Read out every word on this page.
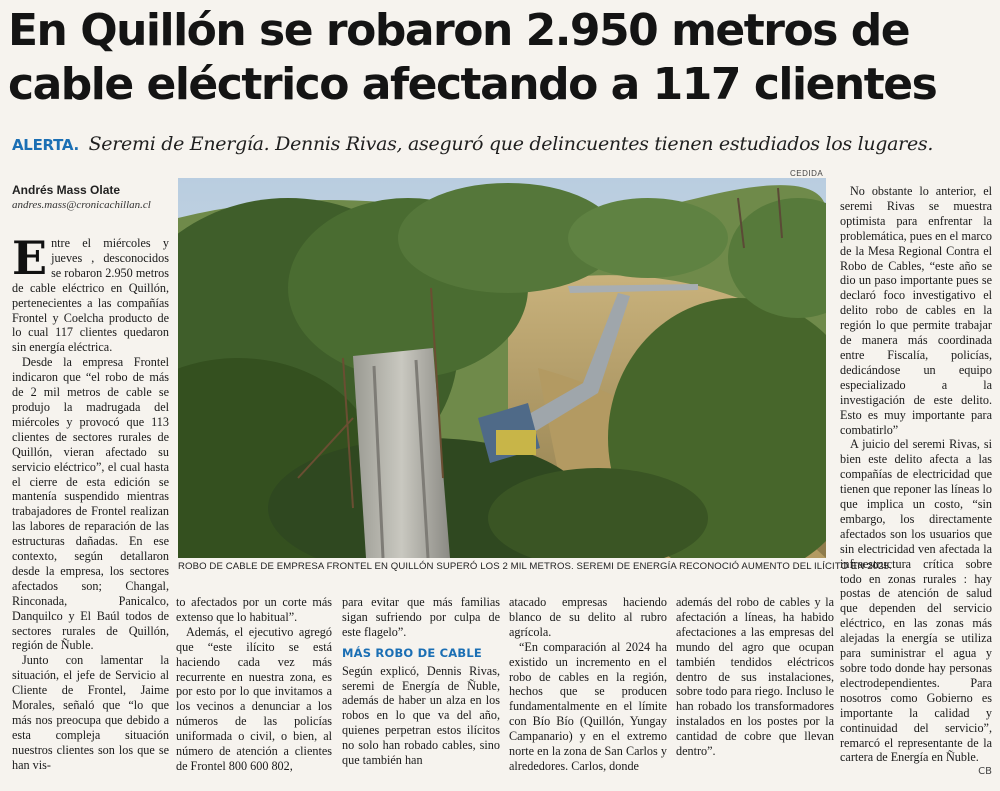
En Quillón se robaron 2.950 metros de
cable eléctrico afectando a 117 clientes
ALERTA. Seremi de Energía. Dennis Rivas, aseguró que delincuentes tienen estudiados los lugares.
Andrés Mass Olate
andres.mass@cronicachillan.cl

Entre el miércoles y jueves , desconocidos se robaron 2.950 metros de cable eléctrico en Quillón, pertenecientes a las compañías Frontel y Coelcha producto de lo cual 117 clientes quedaron sin energía eléctrica.

Desde la empresa Frontel indicaron que “el robo de más de 2 mil metros de cable se produjo la madrugada del miércoles y provocó que 113 clientes de sectores rurales de Quillón, vieran afectado su servicio eléctrico”, el cual hasta el cierre de esta edición se mantenía suspendido mientras trabajadores de Frontel realizan las labores de reparación de las estructuras dañadas. En ese contexto, según detallaron desde la empresa, los sectores afectados son; Changal, Rinconada, Panicalco, Danquilco y El Baúl todos de sectores rurales de Quillón, región de Ñuble.

Junto con lamentar la situación, el jefe de Servicio al Cliente de Frontel, Jaime Morales, señaló que “lo que más nos preocupa que debido a esta compleja situación nuestros clientes son los que se han vis-

CEDIDA
ROBO DE CABLE DE EMPRESA FRONTEL EN QUILLÓN SUPERÓ LOS 2 MIL METROS. SEREMI DE ENERGÍA RECONOCIÓ AUMENTO DEL ILÍCITO EN 2025.

to afectados por un corte más extenso que lo habitual”.

Además, el ejecutivo agregó que “este ilícito se está haciendo cada vez más recurrente en nuestra zona, es por esto por lo que invitamos a los vecinos a denunciar a los números de las policías uniformada o civil, o bien, al número de atención a clientes de Frontel 800 600 802,

para evitar que más familias sigan sufriendo por culpa de este flagelo”.

MÁS ROBO DE CABLE

Según explicó, Dennis Rivas, seremi de Energía de Ñuble, además de haber un alza en los robos en lo que va del año, quienes perpetran estos ilícitos no solo han robado cables, sino que también han

atacado empresas haciendo blanco de su delito al rubro agrícola.

“En comparación al 2024 ha existido un incremento en el robo de cables en la región, hechos que se producen fundamentalmente en el límite con Bío Bío (Quillón, Yungay Campanario) y en el extremo norte en la zona de San Carlos y alrededores. Carlos, donde

además del robo de cables y la afectación a líneas, ha habido afectaciones a las empresas del mundo del agro que ocupan también tendidos eléctricos dentro de sus instalaciones, sobre todo para riego. Incluso le han robado los transformadores instalados en los postes por la cantidad de cobre que llevan dentro”.

No obstante lo anterior, el seremi Rivas se muestra optimista para enfrentar la problemática, pues en el marco de la Mesa Regional Contra el Robo de Cables, “este año se dio un paso importante pues se declaró foco investigativo el delito robo de cables en la región lo que permite trabajar de manera más coordinada entre Fiscalía, policías, dedicándose un equipo especializado a la investigación de este delito. Esto es muy importante para combatirlo”

A juicio del seremi Rivas, si bien este delito afecta a las compañías de electricidad que tienen que reponer las líneas lo que implica un costo, “sin embargo, los directamente afectados son los usuarios que sin electricidad ven afectada la infraestructura crítica sobre todo en zonas rurales : hay postas de atención de salud que dependen del servicio eléctrico, en las zonas más alejadas la energía se utiliza para suministrar el agua y sobre todo donde hay personas electrodependientes. Para nosotros como Gobierno es importante la calidad y continuidad del servicio”, remarcó el representante de la cartera de Energía en Ñuble.

CB
